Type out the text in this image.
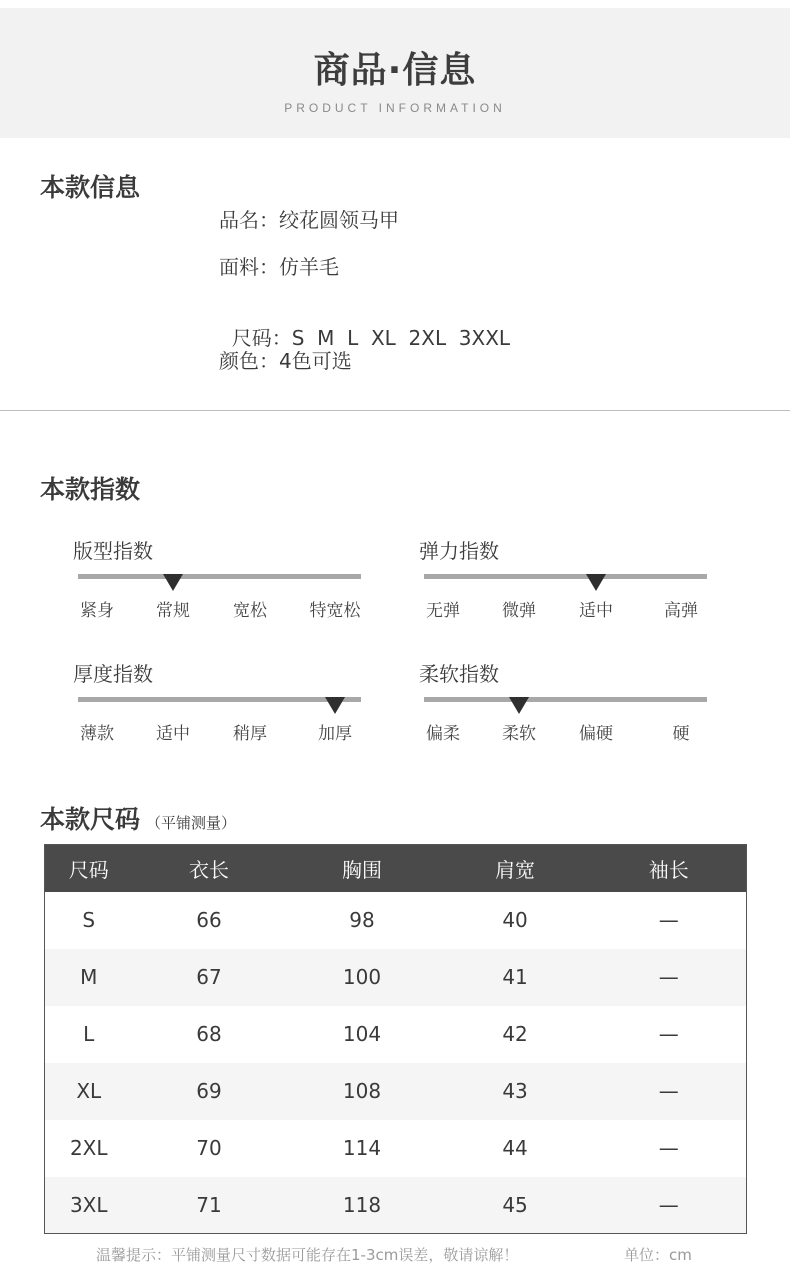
商品·信息
PRODUCT INFORMATION
本款信息
品名：绞花圆领马甲
面料：仿羊毛

尺码：S  M  L  XL  2XL  3XXL

颜色：4色可选
本款指数
版型指数
紧身 常规	宽松	特宽松
弹力指数
无弹 微弹	适中	高弹
厚度指数
薄款 适中	稍厚	加厚
柔软指数
偏柔 柔软	偏硬	硬
本款尺码 （平铺测量）
尺码	衣长	胸围	肩宽	袖长
S	66	98	40	—
M	67	100	41	—
L	68	104	42	—
XL	69	108	43	—
2XL	70	114	44	—
3XL	71	118	45	—
温馨提示：平铺测量尺寸数据可能存在1-3cm误差，敬请谅解！	单位：cm
